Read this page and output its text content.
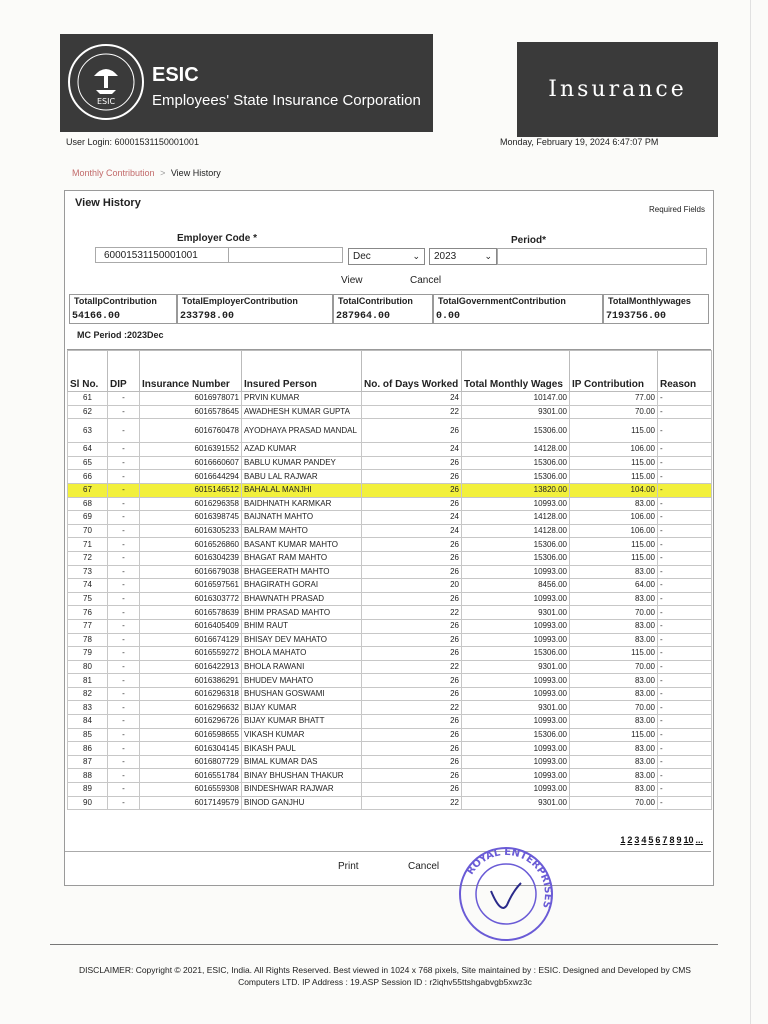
ESIC
ESIC
Employees' State Insurance Corporation	Insurance
User Login: 60001531150001001	Monday, February 19, 2024 6:47:07 PM
Monthly Contribution > View History
View History
Required Fields
Employer Code *	Period*
60001531150001001	Dec	⌄	2023	⌄
View	Cancel
TotalIpContribution
54166.00
TotalEmployerContribution
233798.00
TotalContribution
287964.00
TotalGovernmentContribution
0.00
TotalMonthlywages
7193756.00
MC Period :2023Dec
Sl No.	DIP	Insurance Number	Insured Person	No. of Days Worked	Total Monthly Wages	IP Contribution	Reason
61	-	6016978071	PRVIN KUMAR	24	10147.00	77.00	-
62	-	6016578645	AWADHESH KUMAR GUPTA	22	9301.00	70.00	-
63	-	6016760478	AYODHAYA PRASAD MANDAL	26	15306.00	115.00	-
64	-	6016391552	AZAD KUMAR	24	14128.00	106.00	-
65	-	6016660607	BABLU KUMAR PANDEY	26	15306.00	115.00	-
66	-	6016644294	BABU LAL RAJWAR	26	15306.00	115.00	-
67	-	6015146512	BAHALAL MANJHI	26	13820.00	104.00	-
68	-	6016296358	BAIDHNATH KARMKAR	26	10993.00	83.00	-
69	-	6016398745	BAIJNATH MAHTO	24	14128.00	106.00	-
70	-	6016305233	BALRAM MAHTO	24	14128.00	106.00	-
71	-	6016526860	BASANT KUMAR MAHTO	26	15306.00	115.00	-
72	-	6016304239	BHAGAT RAM MAHTO	26	15306.00	115.00	-
73	-	6016679038	BHAGEERATH MAHTO	26	10993.00	83.00	-
74	-	6016597561	BHAGIRATH GORAI	20	8456.00	64.00	-
75	-	6016303772	BHAWNATH PRASAD	26	10993.00	83.00	-
76	-	6016578639	BHIM PRASAD MAHTO	22	9301.00	70.00	-
77	-	6016405409	BHIM RAUT	26	10993.00	83.00	-
78	-	6016674129	BHISAY DEV MAHATO	26	10993.00	83.00	-
79	-	6016559272	BHOLA MAHATO	26	15306.00	115.00	-
80	-	6016422913	BHOLA RAWANI	22	9301.00	70.00	-
81	-	6016386291	BHUDEV MAHATO	26	10993.00	83.00	-
82	-	6016296318	BHUSHAN GOSWAMI	26	10993.00	83.00	-
83	-	6016296632	BIJAY KUMAR	22	9301.00	70.00	-
84	-	6016296726	BIJAY KUMAR BHATT	26	10993.00	83.00	-
85	-	6016598655	VIKASH KUMAR	26	15306.00	115.00	-
86	-	6016304145	BIKASH PAUL	26	10993.00	83.00	-
87	-	6016807729	BIMAL KUMAR DAS	26	10993.00	83.00	-
88	-	6016551784	BINAY BHUSHAN THAKUR	26	10993.00	83.00	-
89	-	6016559308	BINDESHWAR RAJWAR	26	10993.00	83.00	-
90	-	6017149579	BINOD GANJHU	22	9301.00	70.00	-
1 2 3 4 5 6 7 8 9 10 ...
Print	Cancel	ROYAL ENTERPRISES
DISCLAIMER: Copyright © 2021, ESIC, India. All Rights Reserved. Best viewed in 1024 x 768 pixels, Site maintained by : ESIC. Designed and Developed by CMS
Computers LTD. IP Address : 19.ASP Session ID : r2iqhv55ttshgabvgb5xwz3c
